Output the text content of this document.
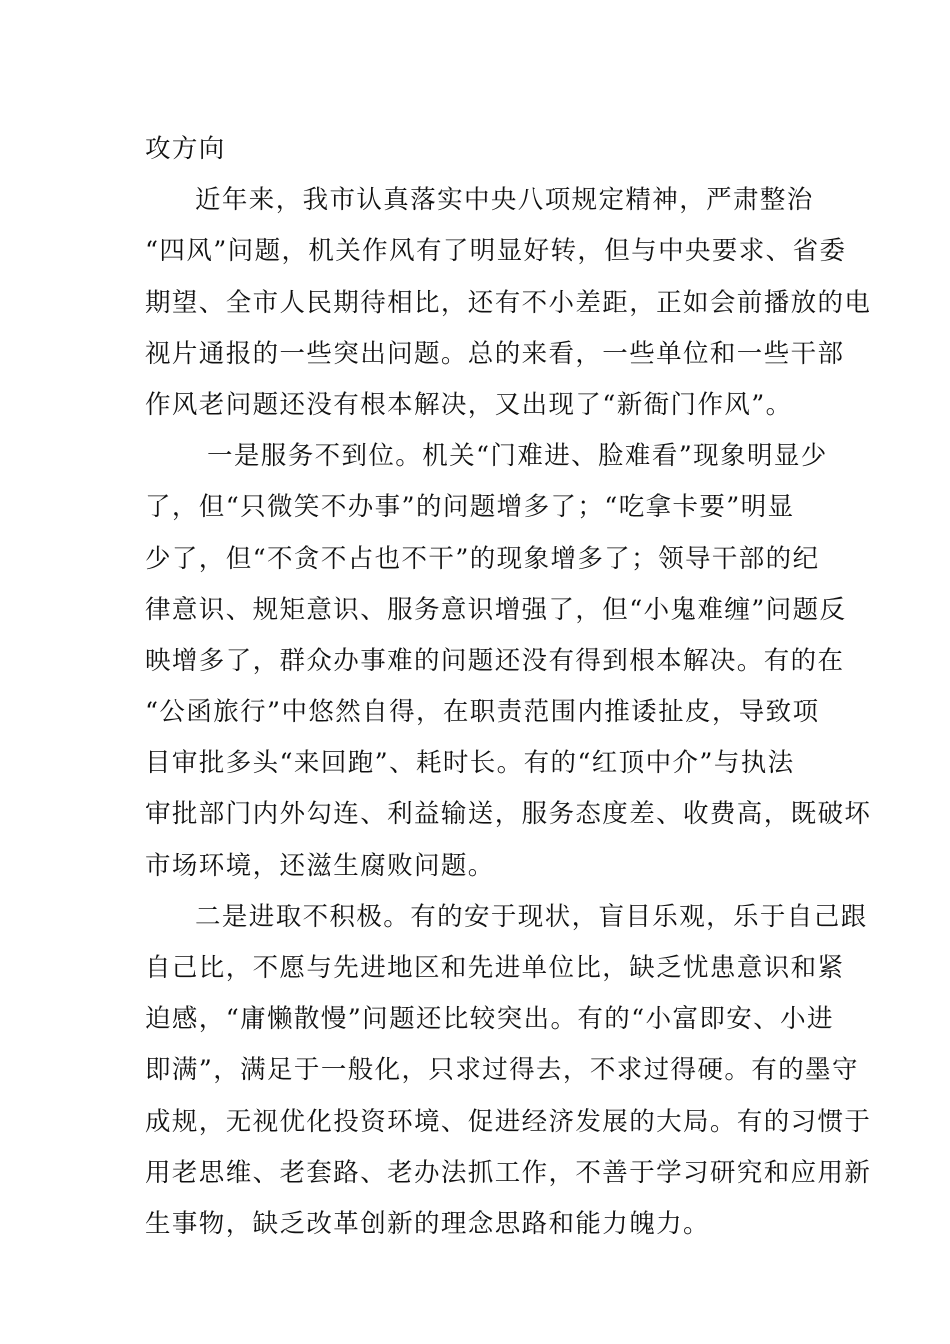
攻方向
近年来，我市认真落实中央八项规定精神，严肃整治
“四风”问题，机关作风有了明显好转，但与中央要求、省委
期望、全市人民期待相比，还有不小差距，正如会前播放的电
视片通报的一些突出问题。总的来看，一些单位和一些干部
作风老问题还没有根本解决，又出现了“新衙门作风”。
一是服务不到位。机关“门难进、脸难看”现象明显少
了，但“只微笑不办事”的问题增多了；“吃拿卡要”明显
少了，但“不贪不占也不干”的现象增多了；领导干部的纪
律意识、规矩意识、服务意识增强了，但“小鬼难缠”问题反
映增多了，群众办事难的问题还没有得到根本解决。有的在
“公函旅行”中悠然自得，在职责范围内推诿扯皮，导致项
目审批多头“来回跑”、耗时长。有的“红顶中介”与执法
审批部门内外勾连、利益输送，服务态度差、收费高，既破坏
市场环境，还滋生腐败问题。
二是进取不积极。有的安于现状，盲目乐观，乐于自己跟
自己比，不愿与先进地区和先进单位比，缺乏忧患意识和紧
迫感，“庸懒散慢”问题还比较突出。有的“小富即安、小进
即满”，满足于一般化，只求过得去，不求过得硬。有的墨守
成规，无视优化投资环境、促进经济发展的大局。有的习惯于
用老思维、老套路、老办法抓工作，不善于学习研究和应用新
生事物，缺乏改革创新的理念思路和能力魄力。
